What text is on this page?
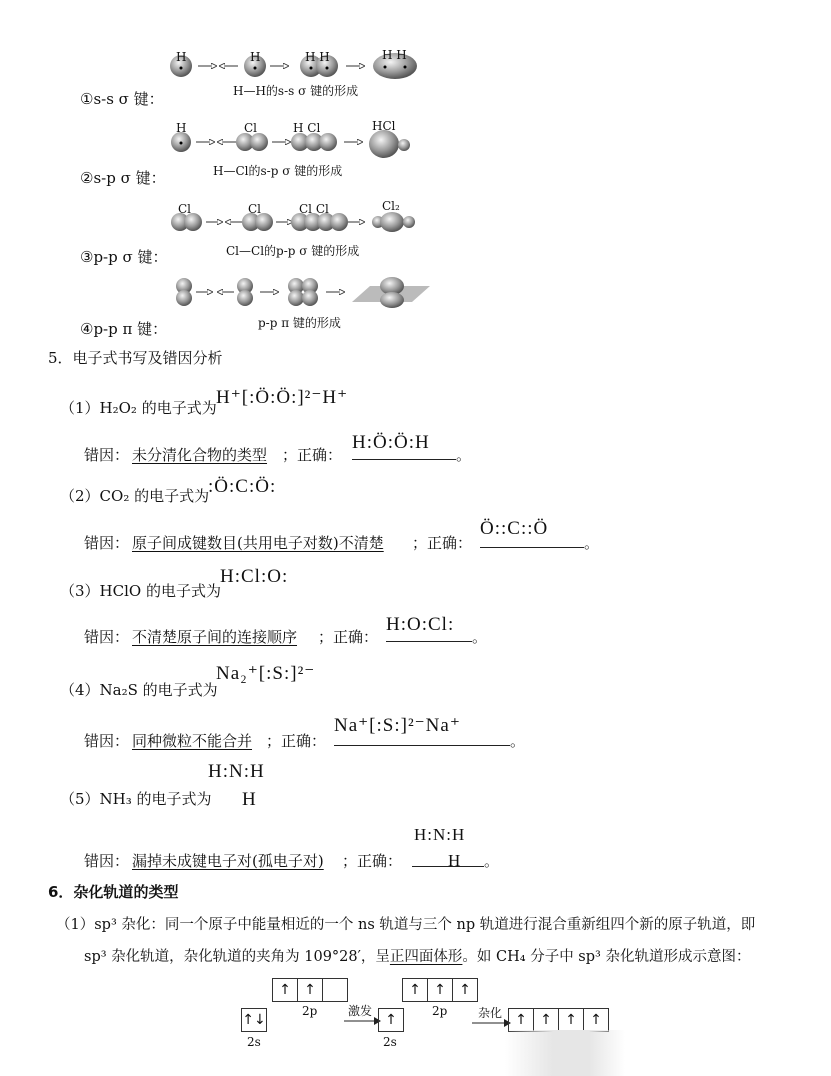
H	H	H H	H H
H	Cl	H Cl	HCl
Cl	Cl	Cl Cl	Cl₂
①s-s σ 键：	H—H的s-s σ 键的形成
②s-p σ 键：	H—Cl的s-p σ 键的形成
③p-p σ 键：	Cl—Cl的p-p σ 键的形成
④p-p π 键：	p-p π 键的形成
5．电子式书写及错因分析
（1）H₂O₂ 的电子式为 H⁺[:Ö:Ö:]²⁻H⁺
错因： 未分清化合物的类型 ；正确：
H:Ö:Ö:H
。
（2）CO₂ 的电子式为
:Ö:C:Ö:
错因： 原子间成键数目(共用电子对数)不清楚 ；正确：
Ö::C::Ö
。
（3）HClO 的电子式为
H:Cl:O:
错因： 不清楚原子间的连接顺序 ；正确：
H:O:Cl:
。
（4）Na₂S 的电子式为
Na₂⁺[:S:]²⁻
错因： 同种微粒不能合并 ；正确：
Na⁺[:S:]²⁻Na⁺
。
（5）NH₃ 的电子式为
H:N:H
H
错因： 漏掉未成键电子对(孤电子对) ；正确：
H:N:H
H	。
6．杂化轨道的类型
（1）sp³ 杂化：同一个原子中能量相近的一个 ns 轨道与三个 np 轨道进行混合重新组四个新的原子轨道，即
sp³ 杂化轨道，杂化轨道的夹角为 109°28′，呈正四面体形。如 CH₄ 分子中 sp³ 杂化轨道形成示意图：
↑ ↑
2p
↑↓
2s
激发
↑ ↑ ↑
2p
↑
2s
杂化 ↑ ↑ ↑ ↑
